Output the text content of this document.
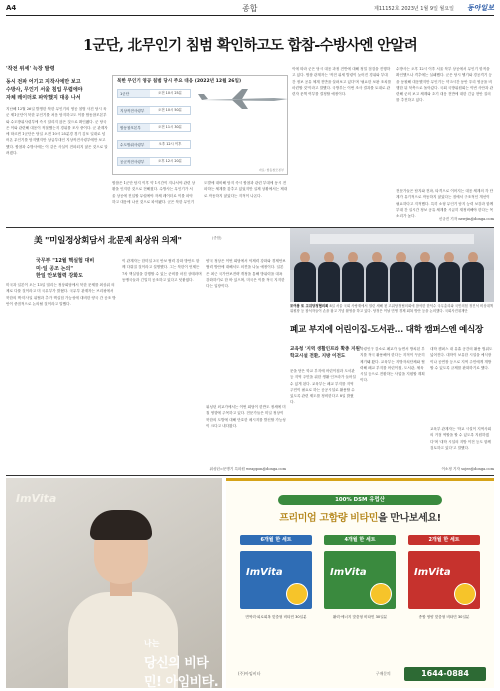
A4	종합	제11152호 2023년 1월 9일 월요일 동아일보
1군단, 北무인기 침범 확인하고도 합참-수방사엔 안알려
'작전 위세' 늑장 발령
동시 전파 어기고 지작사에만 보고
수방사, 무인기 서울 침입 무렵에야
자체 레이더로 파악했지 대응 나서
지난해 12월 26일 발생한 북한 무인기의 영공 침범 사건 당시 육군 제1군단이 북한 무인기를 처음 탐지하고도 이를 합동참모본부와 수도방위사령부에 즉시 알리지 않은 것으로 확인됐다. 군 당국은 이와 관련해 대응이 적절했는지 경위를 조사 중이다. 군 관계자에 따르면 1군단은 당일 오전 10시 25분경 경기 김포 일대로 넘어온 무인기를 탐지했지만 상급부대인 지상작전사령부에만 보고했다. 합참과 수방사에는 이 같은 사실이 전파되지 않은 것으로 알려졌다.
북한 무인기 영공 침범 당시 주요 대응 (2022년 12월 26일)
1군단	오전 10시 25분
지상작전사령부	오전 10시 50분
합동참모본부	오전 11시 30분
수도방위사령부	오후 12시 이후
공군작전사령부	오후 12시 20분
자료: 합동참모본부
합참은 1군단 탐지 이후 약 1시간이 지나서야 관련 상황을 인지한 것으로 전해졌다. 수방사는 무인기가 서울 상공에 진입할 무렵에야 자체 레이더로 이를 파악하고 대응에 나선 것으로 파악됐다. 군은 북한 무인기 도발에 대비해 탐지 즉시 합참과 관련 부대에 동시 전파하는 체계를 갖추고 있었지만 실제 상황에서는 제대로 작동하지 않았다는 지적이 나온다.
이에 따라 군은 당시 대응 과정 전반에 대해 정밀 점검을 진행하고 있다. 합참 관계자는 '작전 위세 발령이 늦어진 경위와 부대 간 정보 공유 체계 전반을 살펴보고 있다'며 '필요한 보완 조치를 마련할 것'이라고 말했다. 국방부는 이번 조사 결과를 토대로 관련자 문책 여부를 결정할 예정이다.
수방사는 오후 12시 이후 서울 북부 상공에서 무인기 항적을 확인했으나 격추에는 실패했다. 군은 당시 헬기와 경공격기 등을 동원해 대응했지만 무인기는 약 5시간 동안 우리 영공을 비행한 뒤 북측으로 돌아갔다. 국회 국방위원회는 이번 사안과 관련해 군의 보고 체계와 초기 대응 전반에 대한 긴급 현안 질의를 추진하고 있다.
전문가들은 탐지와 전파, 타격으로 이어지는 대응 체계의 각 단계가 유기적으로 작동하지 않았다는 점에서 구조적인 개선이 필요하다고 지적했다. 특히 소형 무인기 탐지 능력 보강과 함께 부대 간 실시간 정보 공유 체계를 시급히 재정비해야 한다는 목소리가 높다.
신규진 기자 newjin@donga.com
美 "미일정상회담서 北문제 최상위 의제"	(종합)
국무부 "12월 핵실험 대비
미·일 공조 논의"
한일 안보협력 강화도
미국과 일본이 오는 13일 열리는 정상회담에서 북한 문제를 최상위 의제로 다룰 것이라고 미 국무부가 밝혔다. 국무부 관계자는 브리핑에서 북한의 핵·미사일 위협과 추가 핵실험 가능성에 대비한 양국 간 공조 방안이 중점적으로 논의될 것이라고 말했다.
이 관계자는 한미일 3국 안보 협력 강화 방안도 함께 다뤄질 것이라고 설명했다. 그는 북한이 언제든 7차 핵실험을 감행할 수 있는 준비를 마친 상태라며 동맹국들과 긴밀히 공조하고 있다고 덧붙였다.
양국 정상은 이번 회담에서 억제력 강화와 경제안보 협력 방안에 대해서도 의견을 나눌 예정이다. 일본은 최근 국가안보전략 개정을 통해 방위력을 대폭 강화하기로 한 바 있으며, 미국은 이를 적극 지지한다는 입장이다.
워싱턴 외교가에서는 이번 회담이 한반도 정세에 미칠 영향에 주목하고 있다. 전문가들은 미일 정상이 북한의 도발에 대해 단호한 메시지를 발신할 가능성이 크다고 내다봤다.
워싱턴=문병기 특파원 weappon@donga.com
모여봉 또 고위당정협의회 8일 서울 국회 사랑재에서 열린 새해 첫 고위당정협의회에 참석한 한덕수 국무총리와 국민의힘 정진석 비상대책위원장 등 참석자들이 손을 잡고 기념 촬영을 하고 있다. 당정은 이날 민생 경제 회복 방안 등을 논의했다. 국회사진취재단
폐교 부지에 어린이집-도서관… 대학 캠퍼스엔 예식장
교육청 '지역 생활인프라 확충 지원' 학교시설 전환, 지방 이전도
문을 닫은 학교 부지에 어린이집과 도서관 등 지역 주민을 위한 생활 인프라가 들어설 수 있게 된다. 교육부는 폐교 부지를 지역 주민이 필요로 하는 공공시설로 활용할 수 있도록 관련 제도를 정비한다고 8일 밝혔다.
학령인구 감소로 폐교가 늘면서 방치된 부지를 적극 활용해야 한다는 지적이 꾸준히 제기돼 왔다. 교육부는 지방자치단체와 협력해 폐교 부지를 어린이집, 도서관, 체육시설 등으로 전환하는 사업을 지원할 계획이다.
대학 캠퍼스 내 유휴 공간의 활용 범위도 넓어진다. 대학이 보유한 시설을 예식장이나 공연장 등으로 지역 주민에게 개방할 수 있도록 규제를 완화하기로 했다.
교육부 관계자는 '학교 시설이 지역사회의 거점 역할을 할 수 있도록 지원하겠다'며 '대학 시설의 지방 이전 등도 함께 검토하고 있다'고 말했다.
이소정 기자 sojee@donga.com
ImVita
나는
당신의 비타민! 아임비타.
100% DSM 유럽산
프리미엄 고함량 비타민을 만나보세요!
6개월 한 세트	4개월 한 세트	2개월 한 세트
ImVita	ImVita	ImVita
면역력·피로회복 맞춤형 비타민 30일분	활력·에너지 맞춤형 비타민 30일분	종합 영양 맞춤형 비타민 30일분
(주)아임비타	구매문의	1644-0884
